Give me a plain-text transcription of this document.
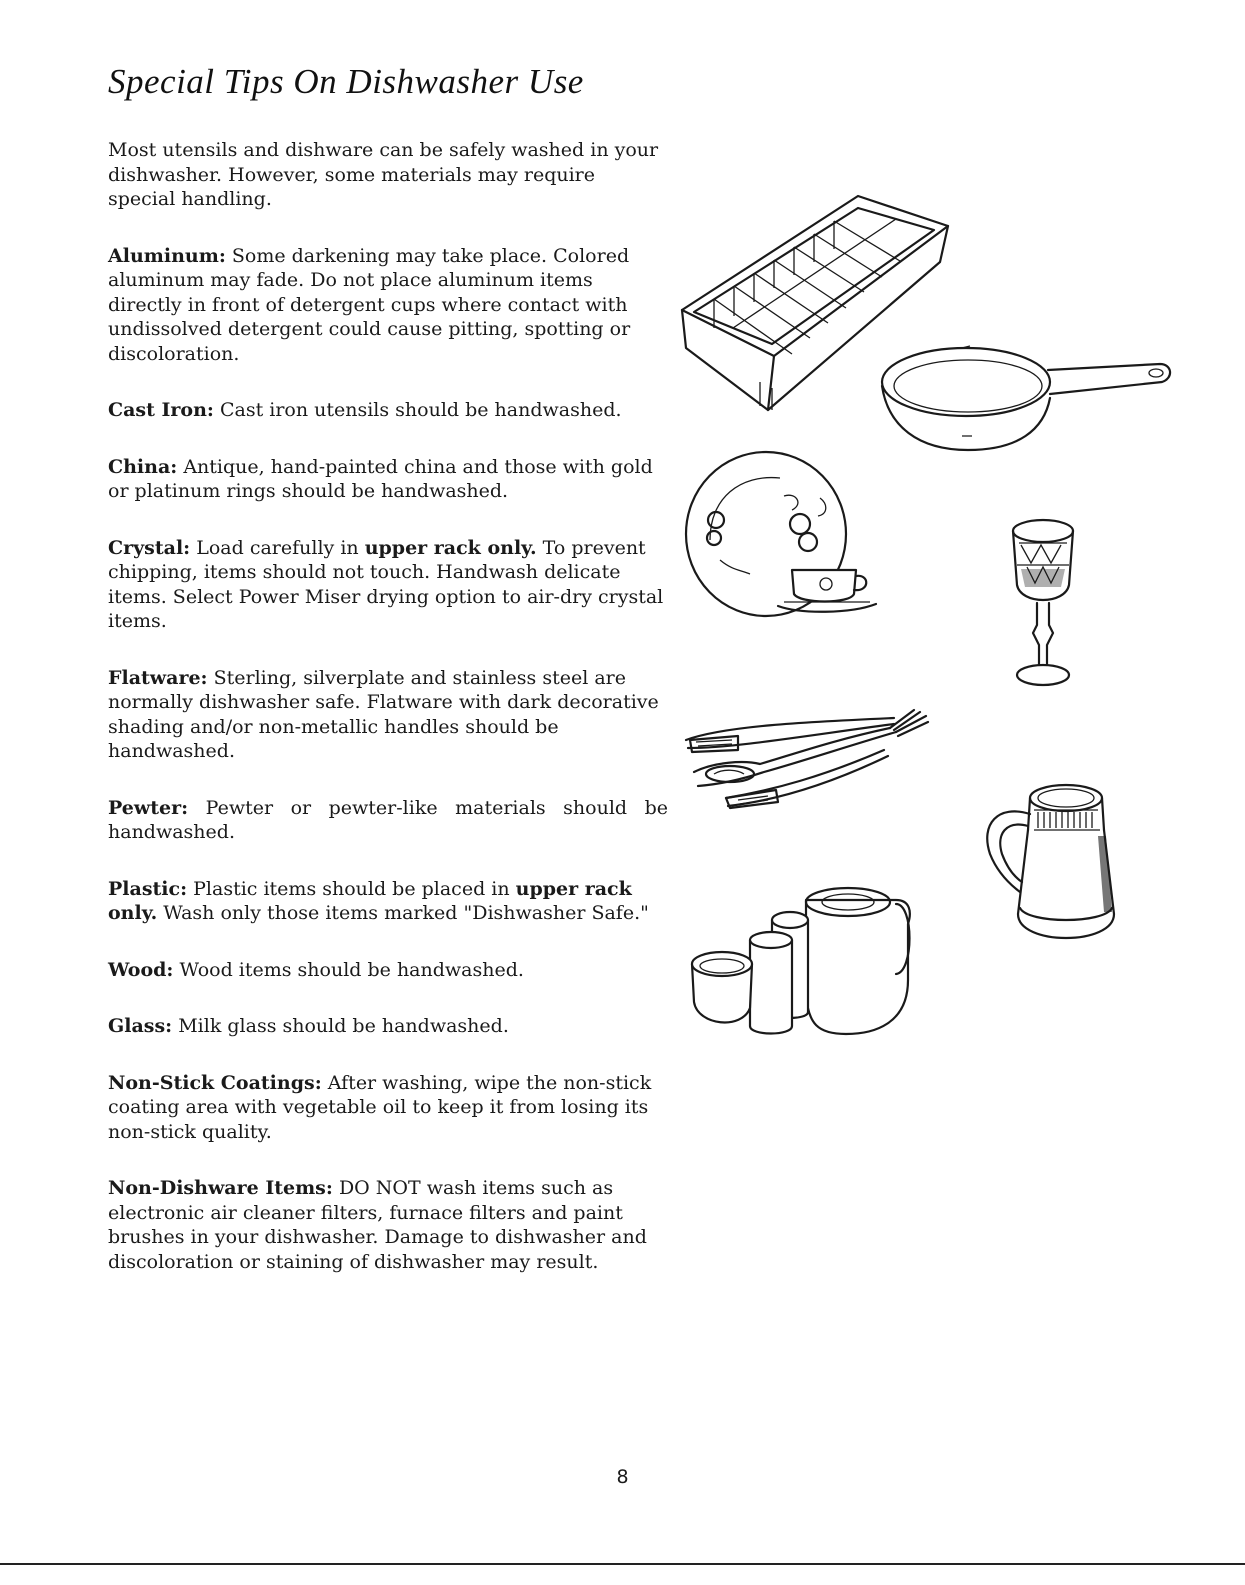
Special Tips On Dishwasher Use

Most utensils and dishware can be safely washed in your dishwasher. However, some materials may require special handling.

Aluminum: Some darkening may take place. Colored aluminum may fade. Do not place aluminum items directly in front of detergent cups where contact with undissolved detergent could cause pitting, spotting or discoloration.

Cast Iron: Cast iron utensils should be handwashed.

China: Antique, hand-painted china and those with gold or platinum rings should be handwashed.

Crystal: Load carefully in upper rack only. To prevent chipping, items should not touch. Handwash delicate items. Select Power Miser drying option to air-dry crystal items.

Flatware: Sterling, silverplate and stainless steel are normally dishwasher safe. Flatware with dark decorative shading and/or non-metallic handles should be handwashed.

Pewter: Pewter or pewter-like materials should be handwashed.

Plastic: Plastic items should be placed in upper rack only. Wash only those items marked "Dishwasher Safe."

Wood: Wood items should be handwashed.

Glass: Milk glass should be handwashed.

Non-Stick Coatings: After washing, wipe the non-stick coating area with vegetable oil to keep it from losing its non-stick quality.

Non-Dishware Items: DO NOT wash items such as electronic air cleaner filters, furnace filters and paint brushes in your dishwasher. Damage to dishwasher and discoloration or staining of dishwasher may result.

8
